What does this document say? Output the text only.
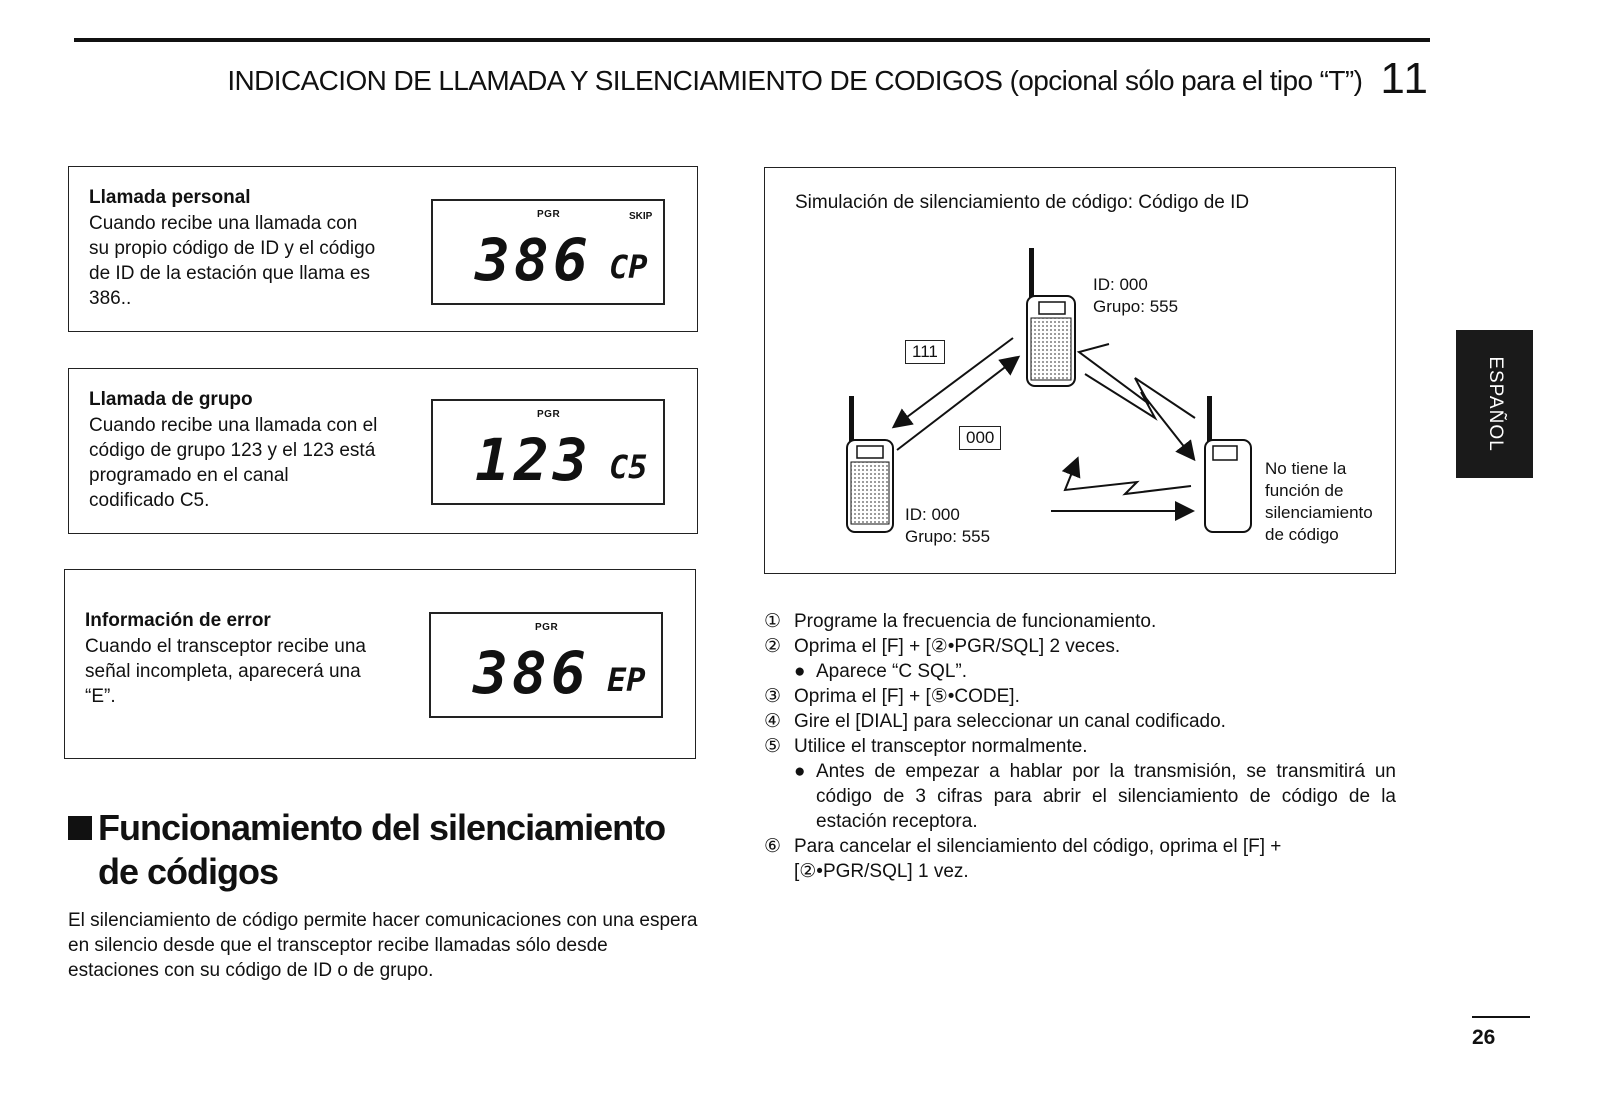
INDICACION DE LLAMADA Y SILENCIAMIENTO DE CODIGOS (opcional sólo para el tipo “T”) 11
Llamada personal
Cuando recibe una llamada con su propio código de ID y el código de ID de la estación que llama es 386..
PGR	SKIP
386 CP
Llamada de grupo
Cuando recibe una llamada con el código de grupo 123 y el 123 está programado en el canal codificado C5.
PGR
123 C5
Información de error
Cuando el transceptor recibe una señal incompleta, aparecerá una “E”.
PGR
386 EP
Funcionamiento del silenciamiento de códigos
El silenciamiento de código permite hacer comunicaciones con una espera en silencio desde que el transceptor recibe llamadas sólo desde estaciones con su código de ID o de grupo.
Simulación de silenciamiento de código: Código de ID
111
000
ID: 000
Grupo: 555
ID: 000
Grupo: 555
No tiene la
función de
silenciamiento
de código
① Programe la frecuencia de funcionamiento.
② Oprima el [F] + [②•PGR/SQL] 2 veces.
● Aparece “C SQL”.
③ Oprima el [F] + [⑤•CODE].
④ Gire el [DIAL] para seleccionar un canal codificado.
⑤ Utilice el transceptor normalmente.
● Antes de empezar a hablar por la transmisión, se transmitirá un código de 3 cifras para abrir el silenciamiento de código de la estación receptora.
⑥ Para cancelar el silenciamiento del código, oprima el [F] + [②•PGR/SQL] 1 vez.
ESPAÑOL
26
